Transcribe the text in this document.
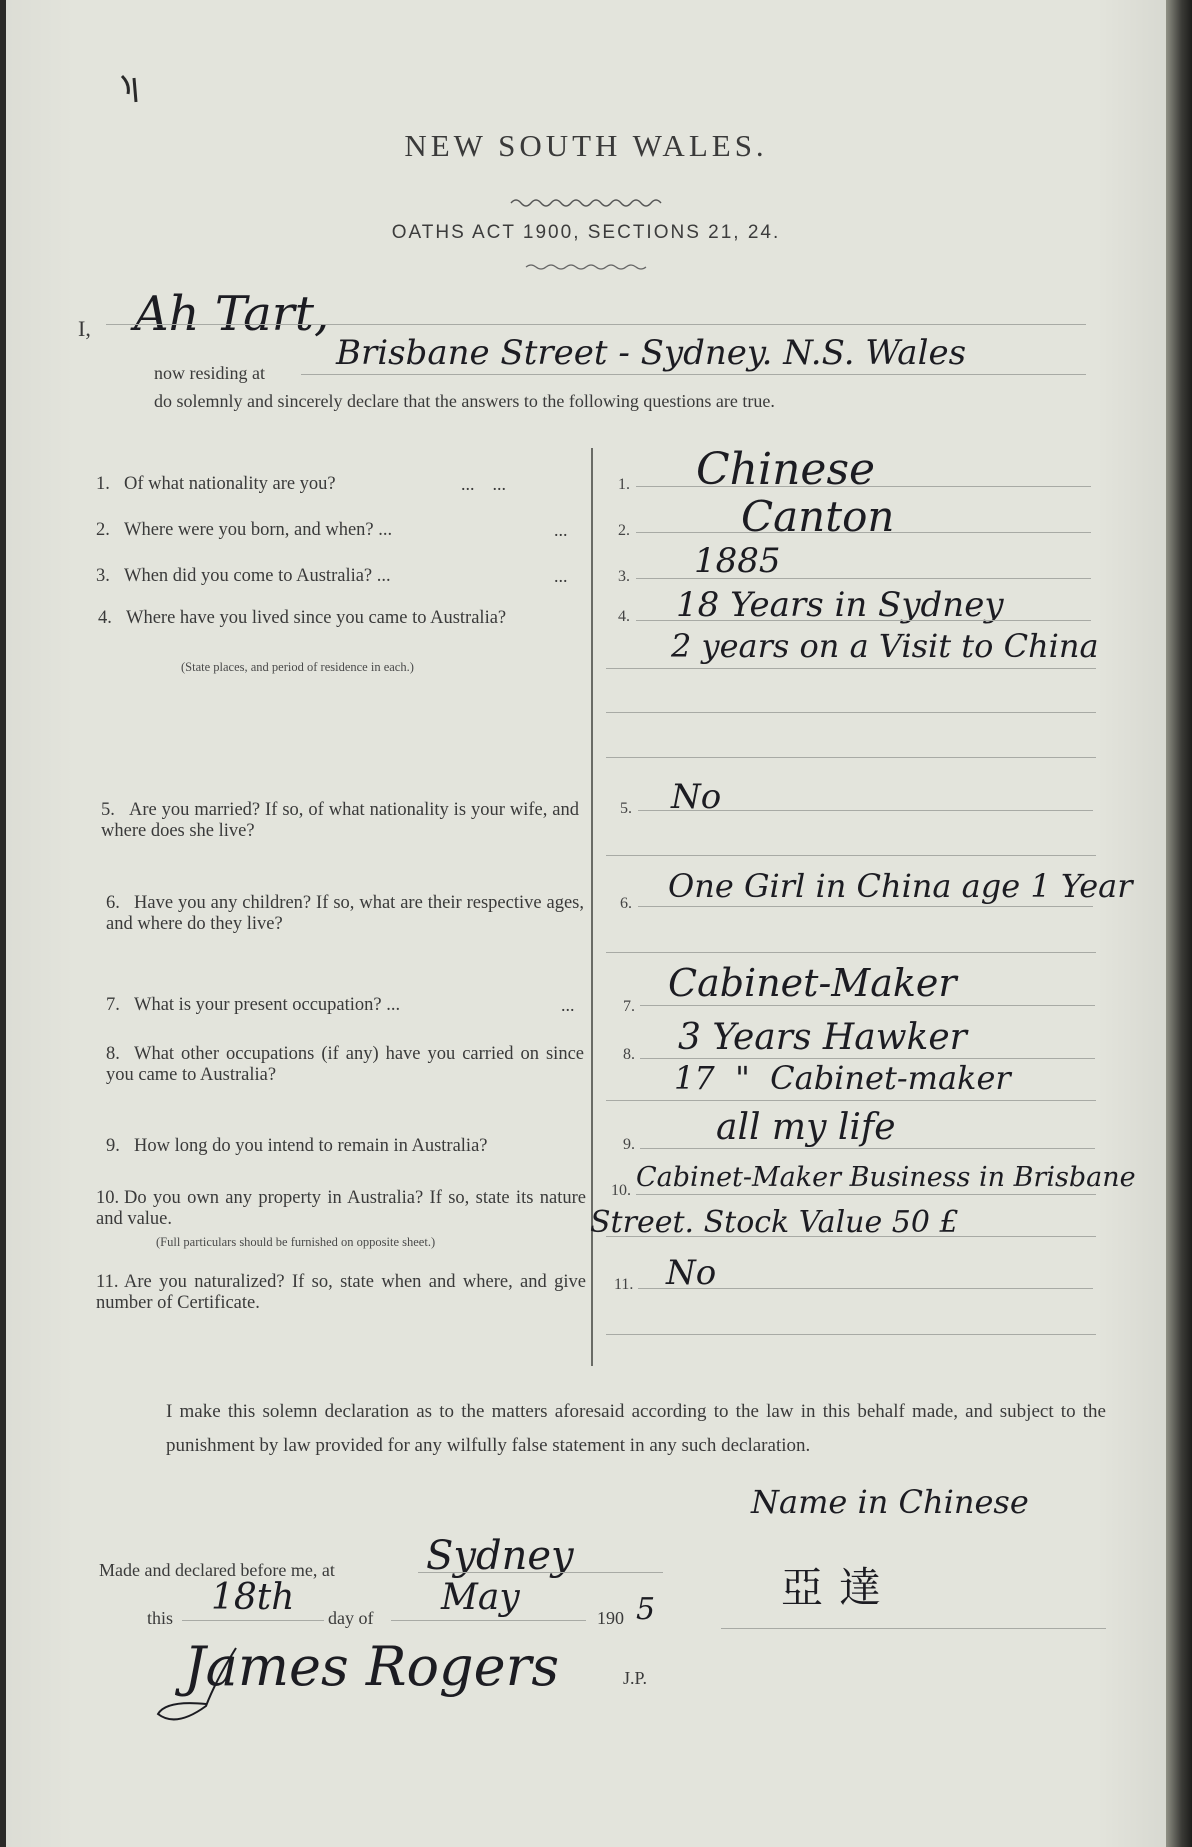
NEW SOUTH WALES.
OATHS ACT 1900, SECTIONS 21, 24.
I, Ah Tart,
now residing at Brisbane Street - Sydney. N.S. Wales
do solemnly and sincerely declare that the answers to the following questions are true.
1. Of what nationality are you?	...    ...	1. Chinese
2. Where were you born, and when? ...	...	2.	Canton
3. When did you come to Australia? ...	...	3. 1885
4. Where have you lived since you came to Australia?
(State places, and period of residence in each.)
4. 18 Years in Sydney
2 years on a Visit to China
5. Are you married? If so, of what nationality is your wife, and where does she live?
5. No
6. Have you any children? If so, what are their respective ages, and where do they live?
6. One Girl in China age 1 Year
7. What is your present occupation? ...	...	7.
Cabinet-Maker
8. What other occupations (if any) have you carried on since you came to Australia?
8. 3 Years Hawker
17  "  Cabinet-maker
9. How long do you intend to remain in Australia?	9. all my life
10. Do you own any property in Australia? If so, state its nature and value.
(Full particulars should be furnished on opposite sheet.)
10. Cabinet-Maker Business in Brisbane
Street. Stock Value 50 £
11. Are you naturalized? If so, state when and where, and give number of Certificate.
11. No
I make this solemn declaration as to the matters aforesaid according to the law in this behalf made, and subject to the punishment by law provided for any wilfully false statement in any such declaration.
Name in Chinese
亞達
Made and declared before me, at Sydney
this 18th day of May	190 5
James Rogers	J.P.
